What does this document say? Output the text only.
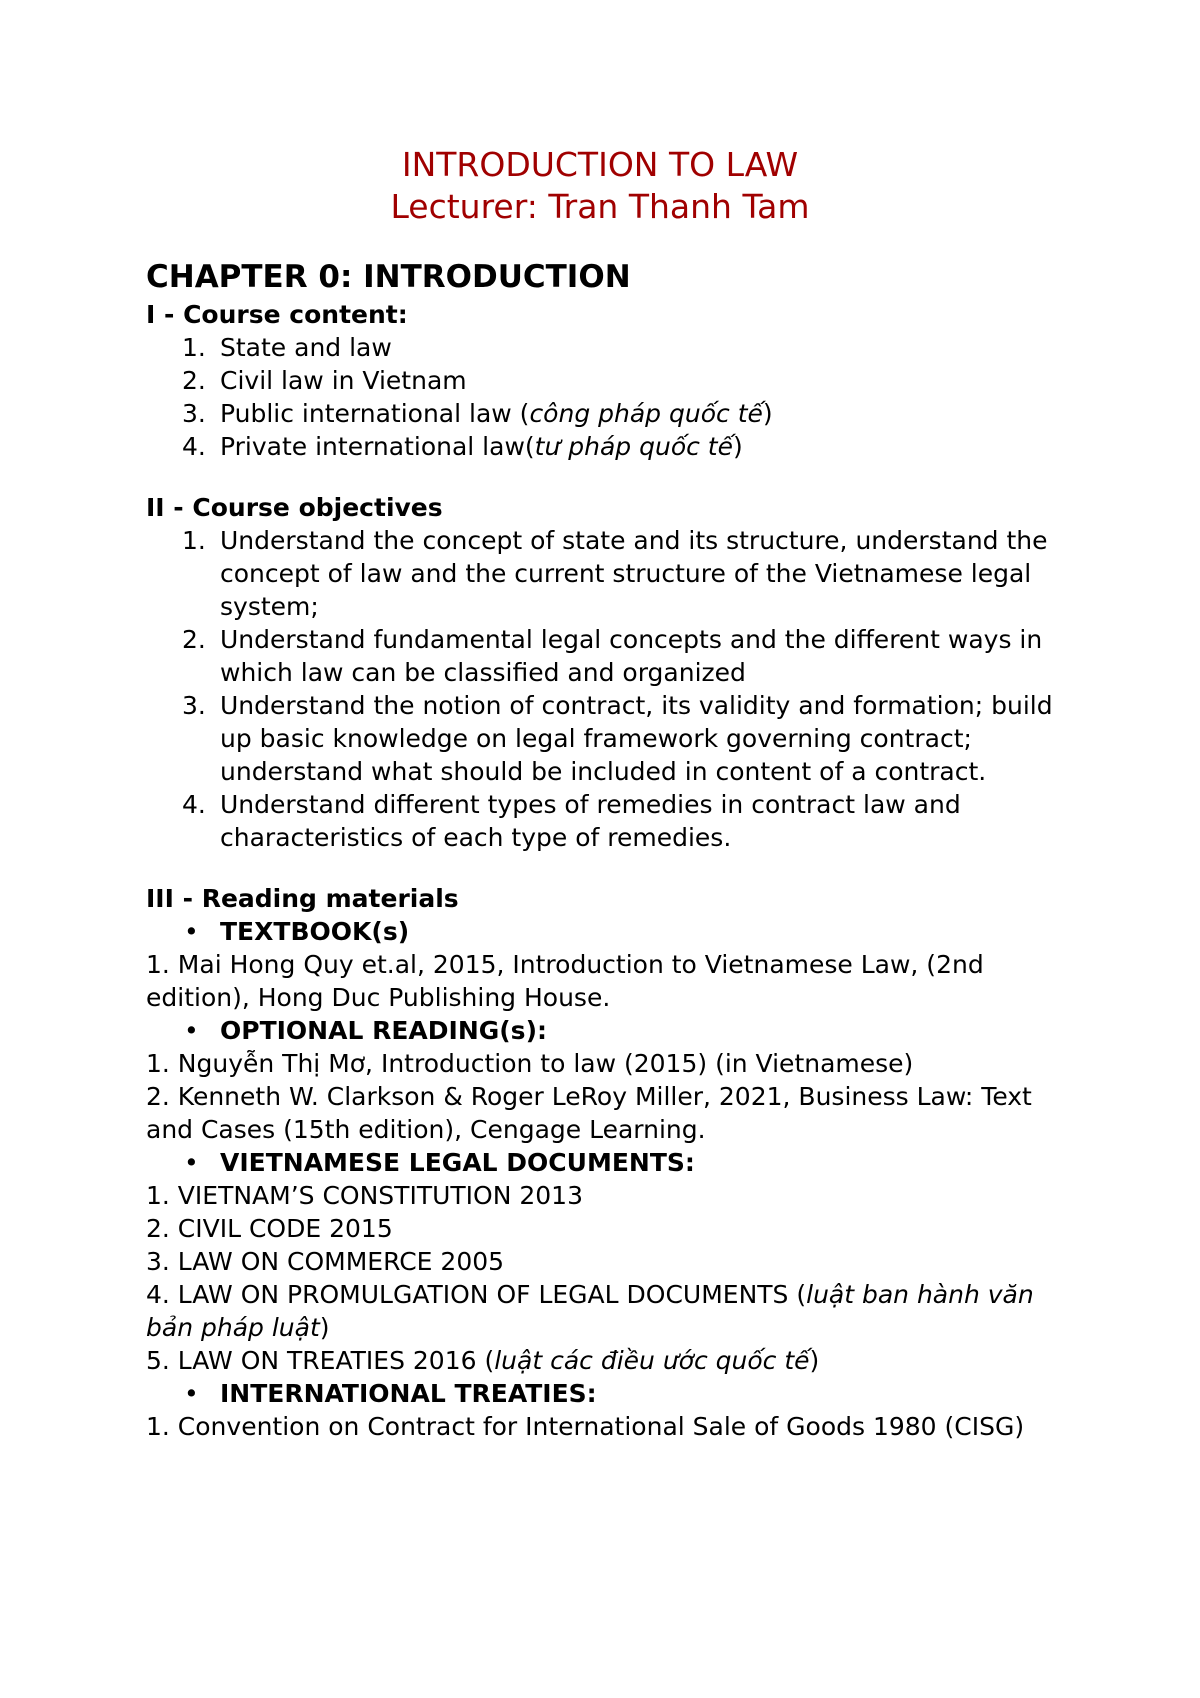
INTRODUCTION TO LAW
Lecturer: Tran Thanh Tam
CHAPTER 0: INTRODUCTION

I - Course content:

1. State and law
2. Civil law in Vietnam
3. Public international law (công pháp quốc tế)
4. Private international law(tư pháp quốc tế)

II - Course objectives

1. Understand the concept of state and its structure, understand the concept of law and the current structure of the Vietnamese legal system;
2. Understand fundamental legal concepts and the different ways in which law can be classified and organized
3. Understand the notion of contract, its validity and formation; build up basic knowledge on legal framework governing contract; understand what should be included in content of a contract.
4. Understand different types of remedies in contract law and characteristics of each type of remedies.

III - Reading materials

• TEXTBOOK(s)

1. Mai Hong Quy et.al, 2015, Introduction to Vietnamese Law, (2nd edition), Hong Duc Publishing House.

• OPTIONAL READING(s):

1. Nguyễn Thị Mơ, Introduction to law (2015) (in Vietnamese)

2. Kenneth W. Clarkson & Roger LeRoy Miller, 2021, Business Law: Text and Cases (15th edition), Cengage Learning.

• VIETNAMESE LEGAL DOCUMENTS:

1. VIETNAM’S CONSTITUTION 2013

2. CIVIL CODE 2015

3. LAW ON COMMERCE 2005

4. LAW ON PROMULGATION OF LEGAL DOCUMENTS (luật ban hành văn bản pháp luật)

5. LAW ON TREATIES 2016 (luật các điều ước quốc tế)

• INTERNATIONAL TREATIES:

1. Convention on Contract for International Sale of Goods 1980 (CISG)
